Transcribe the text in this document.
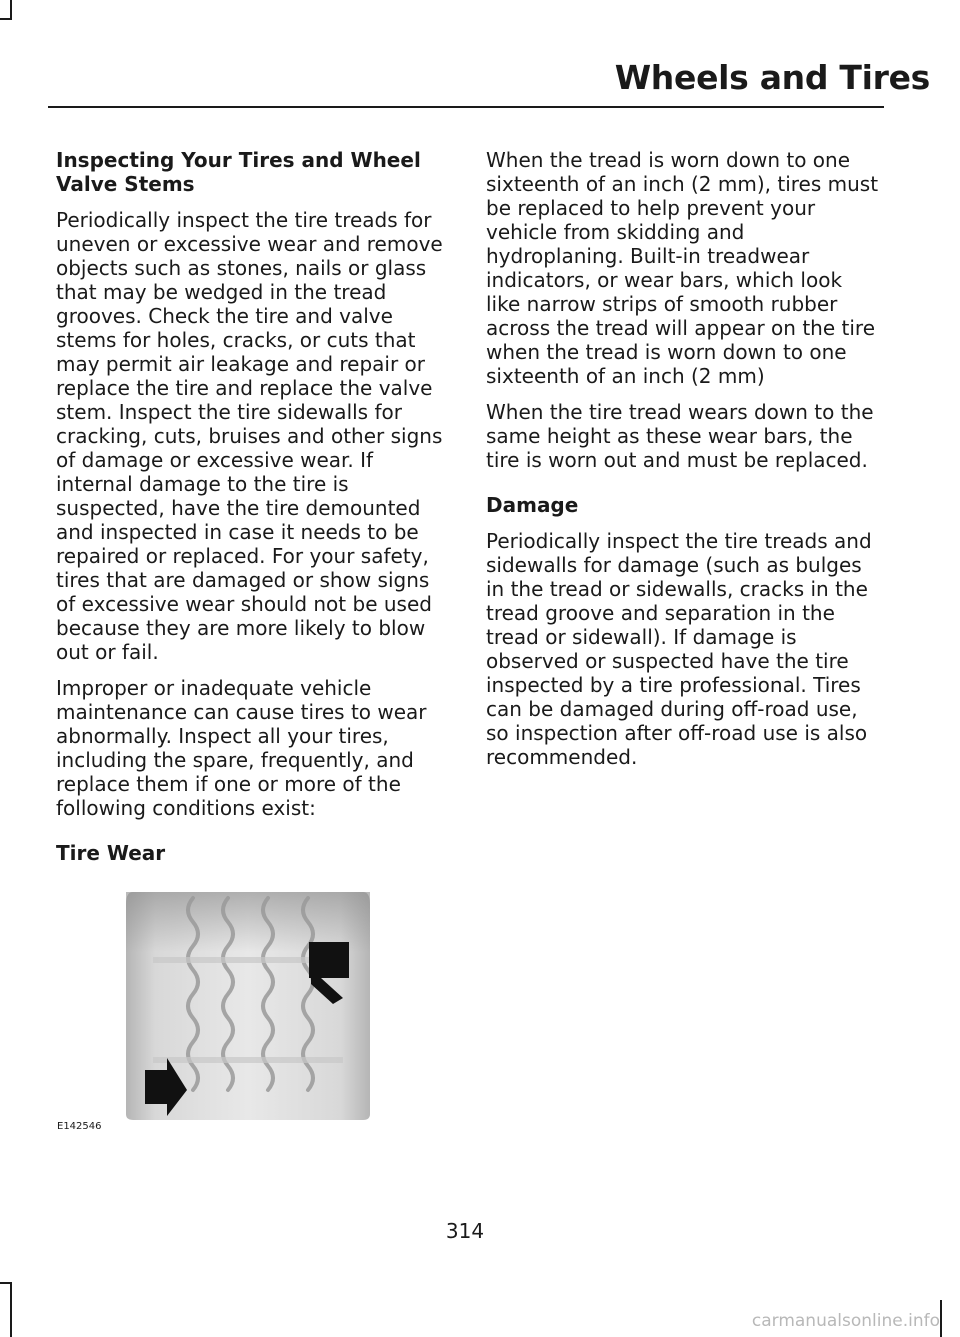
Wheels and Tires
Inspecting Your Tires and Wheel Valve Stems

Periodically inspect the tire treads for uneven or excessive wear and remove objects such as stones, nails or glass that may be wedged in the tread grooves. Check the tire and valve stems for holes, cracks, or cuts that may permit air leakage and repair or replace the tire and replace the valve stem. Inspect the tire sidewalls for cracking, cuts, bruises and other signs of damage or excessive wear. If internal damage to the tire is suspected, have the tire demounted and inspected in case it needs to be repaired or replaced. For your safety, tires that are damaged or show signs of excessive wear should not be used because they are more likely to blow out or fail.

Improper or inadequate vehicle maintenance can cause tires to wear abnormally. Inspect all your tires, including the spare, frequently, and replace them if one or more of the following conditions exist:

Tire Wear

When the tread is worn down to one sixteenth of an inch (2 mm), tires must be replaced to help prevent your vehicle from skidding and hydroplaning. Built-in treadwear indicators, or wear bars, which look like narrow strips of smooth rubber across the tread will appear on the tire when the tread is worn down to one sixteenth of an inch (2 mm)

When the tire tread wears down to the same height as these wear bars, the tire is worn out and must be replaced.

Damage

Periodically inspect the tire treads and sidewalls for damage (such as bulges in the tread or sidewalls, cracks in the tread groove and separation in the tread or sidewall). If damage is observed or suspected have the tire inspected by a tire professional. Tires can be damaged during off-road use, so inspection after off-road use is also recommended.

E142546
314
carmanualsonline.info
